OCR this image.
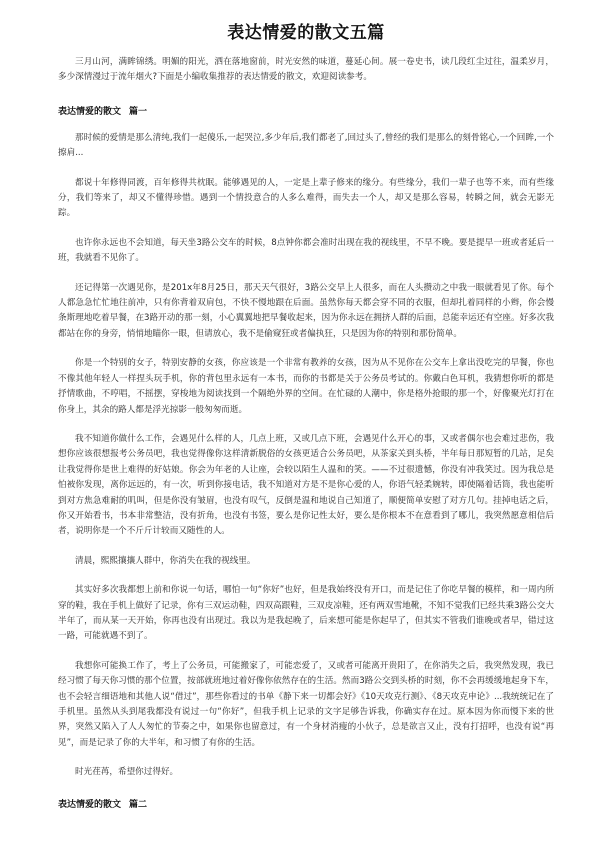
表达情爱的散文五篇

三月山河，满眸锦绣。明媚的阳光，洒在落地窗前，时光安然的味道，蔓延心间。展一卷史书，读几段红尘过往，温柔岁月，多少深情漫过于流年烟火?下面是小编收集推荐的表达情爱的散文，欢迎阅读参考。

表达情爱的散文 篇一

那时候的爱情是那么清纯,我们一起傻乐,一起哭泣,多少年后,我们都老了,回过头了,曾经的我们是那么的刻骨铭心,一个回眸,一个擦肩...

都说十年修得同渡，百年修得共枕眠。能够遇见的人，一定是上辈子修来的缘分。有些缘分，我们一辈子也等不来，而有些缘分，我们等来了，却又不懂得珍惜。遇到一个情投意合的人多么难得，而失去一个人，却又是那么容易，转瞬之间，就会无影无踪。

也许你永远也不会知道，每天坐3路公交车的时候，8点钟你都会准时出现在我的视线里，不早不晚。要是提早一班或者延后一班，我就看不见你了。

还记得第一次遇见你，是201x年8月25日，那天天气很好，3路公交早上人很多，而在人头攒动之中我一眼就看见了你。每个人都急急忙忙地往前冲，只有你背着双肩包，不快不慢地跟在后面。虽然你每天都会穿不同的衣服，但却扎着同样的小辫，你会慢条斯理地吃着早餐，在3路开动的那一刻，小心翼翼地把早餐收起来，因为你永远在拥挤人群的后面，总能幸运还有空座。好多次我都站在你的身旁，悄悄地瞄你一眼，但请放心，我不是偷窥狂或者偏执狂，只是因为你的特别和那份简单。

你是一个特别的女子，特别安静的女孩，你应该是一个非常有教养的女孩，因为从不见你在公交车上拿出没吃完的早餐，你也不像其他年轻人一样捏头玩手机，你的背包里永远有一本书，而你的书都是关于公务员考试的。你戴白色耳机，我猜想你听的都是抒情歌曲，不哼唱，不摇摆，穿梭地为阅读找到一个隔绝外界的空间。在忙碌的人潮中，你是格外抢眼的那一个，好像聚光灯打在你身上，其余的路人都是浮光掠影一般匆匆而逝。

我不知道你做什么工作，会遇见什么样的人，几点上班，又或几点下班，会遇见什么开心的事，又或者偶尔也会难过悲伤，我想你应该很想报考公务员吧，我也觉得像你这样清新脱俗的女孩更适合公务员吧，从茶家关到头桥，半年每日那短暂的几站，足矣让我觉得你是世上难得的好姑娘。你会为年老的人让座，会较以陌生人温和的笑。——不过很遗憾，你没有冲我笑过。因为我总是怕被你发现，离你远远的，有一次，听到你接电话，我不知道对方是不是你心爱的人，你语气轻柔婉转，即使隔着话筒，我也能听到对方焦急难耐的叽叫，但是你没有皱眉，也没有叹气，反倒是温和地说自己知道了，顺便简单安慰了对方几句。挂掉电话之后，你又开始看书，书本非常整洁，没有折角，也没有书签，要么是你记性太好，要么是你根本不在意看到了哪儿，我突然愿意相信后者，说明你是一个不斤斤计较而又随性的人。

清晨，熙熙攘攘人群中，你消失在我的视线里。

其实好多次我都想上前和你说一句话，哪怕一句“你好”也好，但是我始终没有开口，而是记住了你吃早餐的模样，和一周内所穿的鞋，我在手机上做好了记录，你有三双运动鞋，四双高跟鞋，三双皮凉鞋，还有两双雪地靴，不知不觉我们已经共乘3路公交大半年了，而从某一天开始，你再也没有出现过。我以为是我起晚了，后来想可能是你起早了，但其实不管我们谁晚或者早，错过这一路，可能就遇不到了。

我想你可能换工作了，考上了公务员，可能搬家了，可能恋爱了，又或者可能离开贵阳了，在你消失之后，我突然发现，我已经习惯了每天你习惯的那个位置，按部就班地过着好像你依然存在的生活。然而3路公交到头桥的时刻，你不会再缓缓地起身下车，也不会轻言细语地和其他人说“借过”，那些你看过的书单《静下来一切都会好》《10天攻克行测》、《8天攻克申论》...我统统记在了手机里。虽然从头到尾我都没有说过一句“你好”，但我手机上记录的文字足够告诉我，你确实存在过。原本因为你而慢下来的世界，突然又陷入了人人匆忙的节奏之中，如果你也留意过，有一个身材消瘦的小伙子，总是欲言又止，没有打招呼，也没有说“再见”，而是记录了你的大半年，和习惯了有你的生活。

时光荏苒，希望你过得好。

表达情爱的散文 篇二
